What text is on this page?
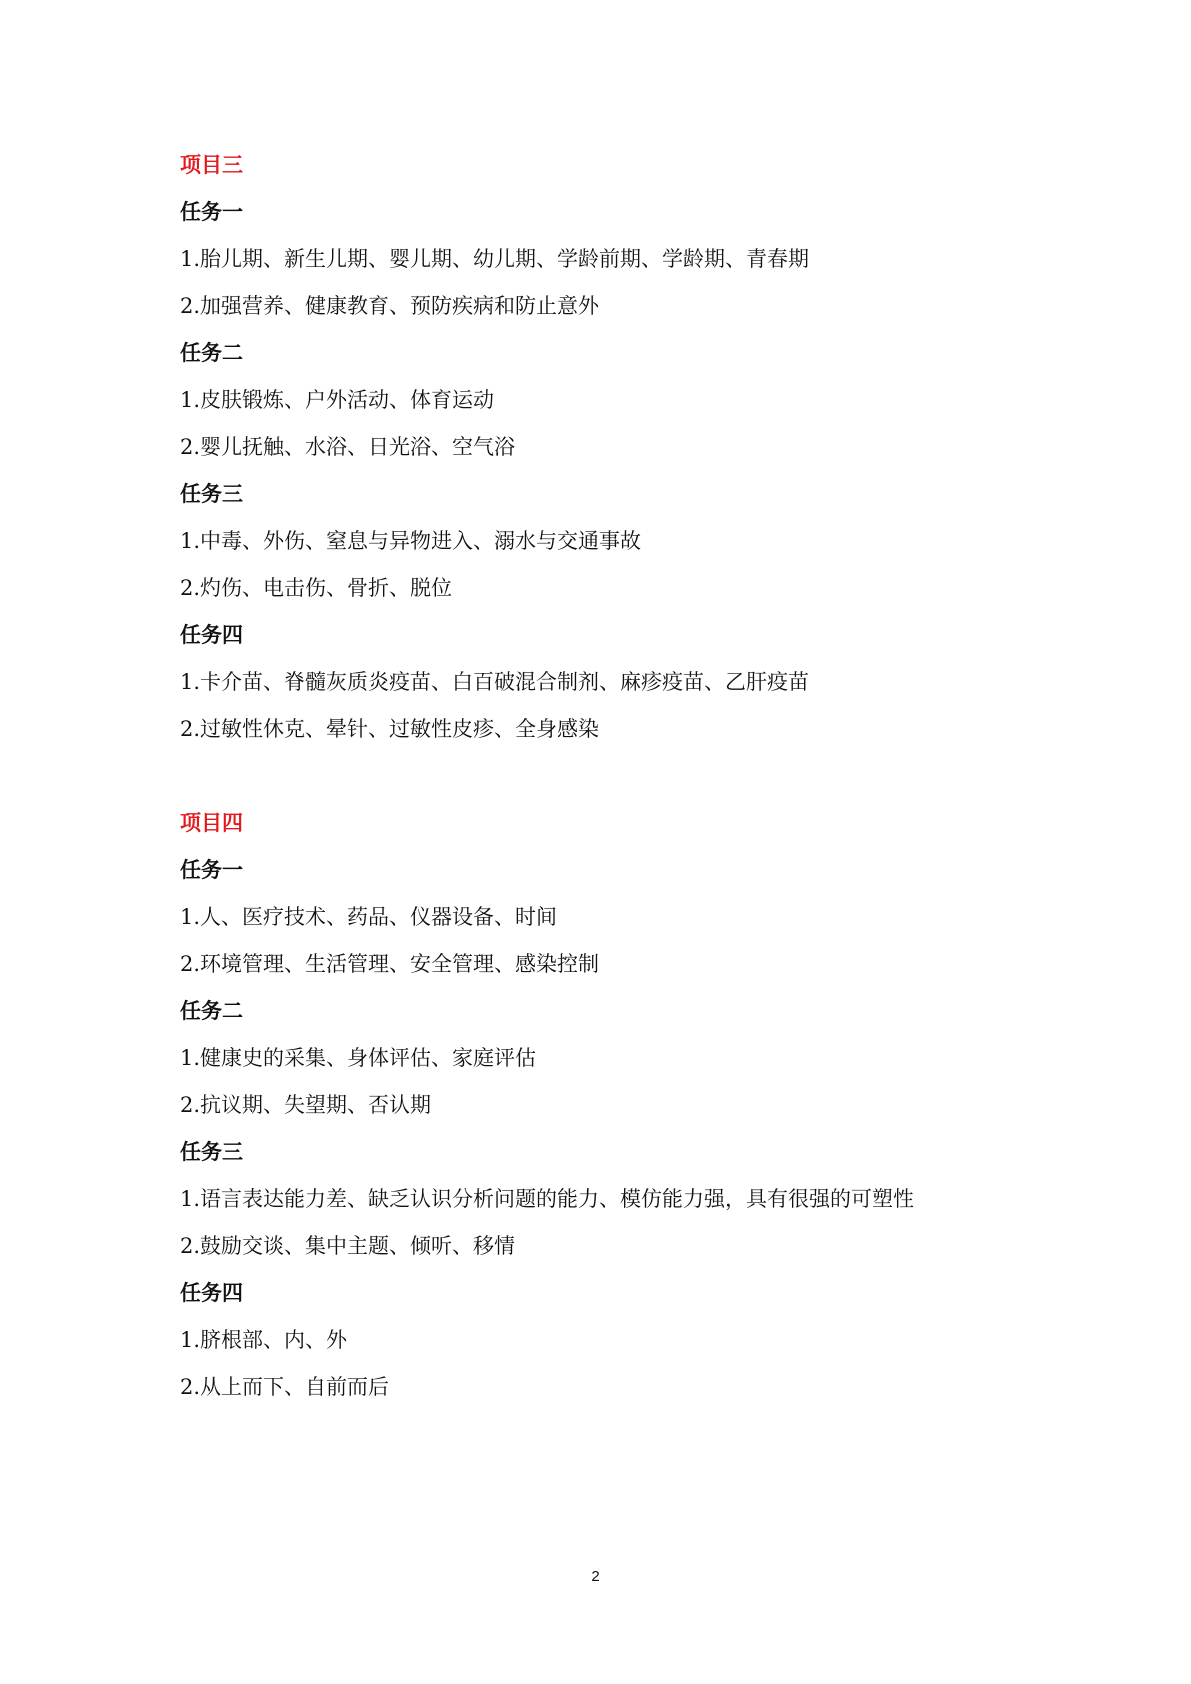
项目三
任务一
1.胎儿期、新生儿期、婴儿期、幼儿期、学龄前期、学龄期、青春期
2.加强营养、健康教育、预防疾病和防止意外
任务二
1.皮肤锻炼、户外活动、体育运动
2.婴儿抚触、水浴、日光浴、空气浴
任务三
1.中毒、外伤、窒息与异物进入、溺水与交通事故
2.灼伤、电击伤、骨折、脱位
任务四
1.卡介苗、脊髓灰质炎疫苗、白百破混合制剂、麻疹疫苗、乙肝疫苗
2.过敏性休克、晕针、过敏性皮疹、全身感染
项目四
任务一
1.人、医疗技术、药品、仪器设备、时间
2.环境管理、生活管理、安全管理、感染控制
任务二
1.健康史的采集、身体评估、家庭评估
2.抗议期、失望期、否认期
任务三
1.语言表达能力差、缺乏认识分析问题的能力、模仿能力强，具有很强的可塑性
2.鼓励交谈、集中主题、倾听、移情
任务四
1.脐根部、内、外
2.从上而下、自前而后
2
